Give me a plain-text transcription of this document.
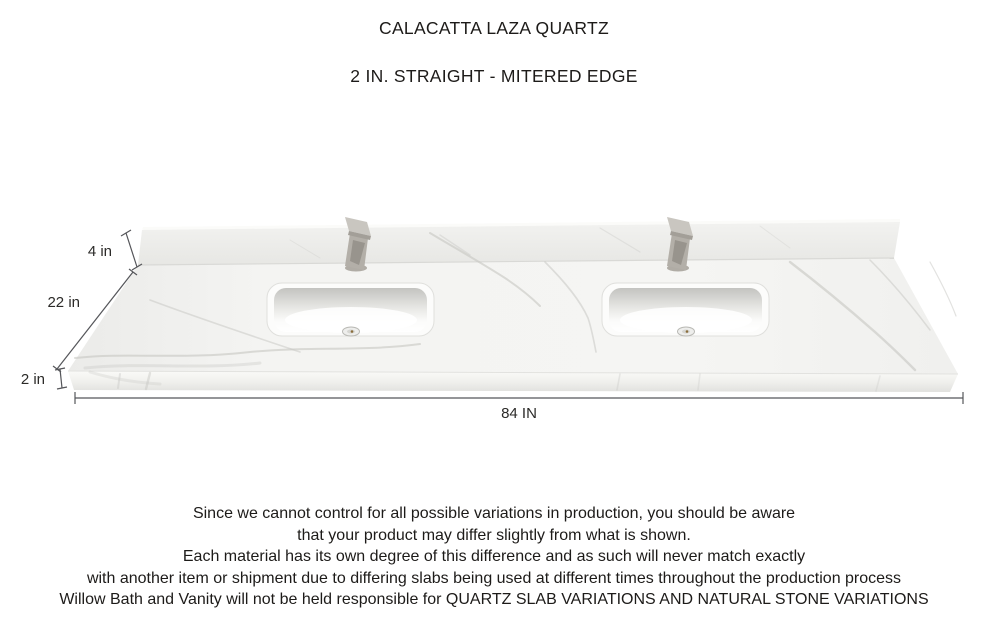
CALACATTA LAZA QUARTZ
2 IN. STRAIGHT - MITERED EDGE
4 in
22 in
2 in
84 IN
Since we cannot control for all possible variations in production, you should be aware
that your product may differ slightly from what is shown.
Each material has its own degree of this difference and as such will never match exactly
with another item or shipment due to differing slabs being used at different times throughout the production process
Willow Bath and Vanity will not be held responsible for QUARTZ SLAB VARIATIONS AND NATURAL STONE VARIATIONS
